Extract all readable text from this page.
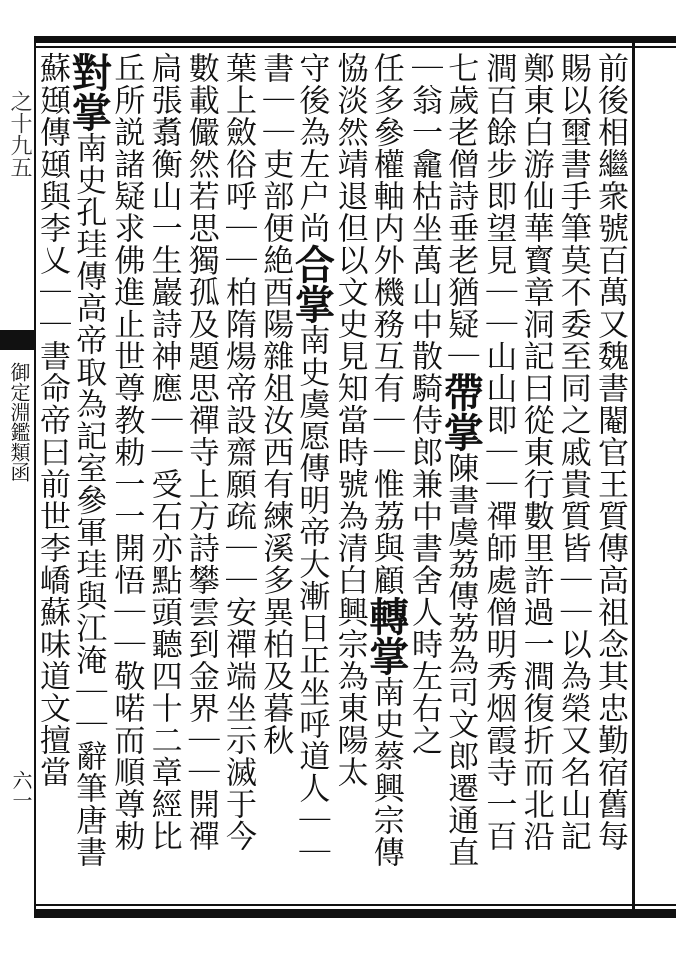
之十九五
御定淵鑑類函
六一	前後相繼衆號百萬又魏書閹官王質傳高祖念其忠勤宿舊每
賜以壐書手筆莫不委至同之戚貴質皆｜｜以為榮又名山記
鄭東白游仙華寳章洞記曰從東行數里許過一澗復折而北沿
澗百餘步即望見｜｜山山即｜｜禪師處僧明秀烟霞寺一百
七歲老僧詩垂老猶疑｜帶掌陳書虞荔傳荔為司文郎遷通直
｜翁一龕枯坐萬山中散騎侍郎兼中書舍人時左右之
任多參權軸内外機務互有｜｜惟荔與顧轉掌南史蔡興宗傳
恊淡然靖退但以文史見知當時號為清白興宗為東陽太
守後為左户尚合掌南史虞愿傳明帝大漸日正坐呼道人｜｜
書｜｜吏部便絶酉陽雜俎汝西有練溪多異柏及暮秋
葉上斂俗呼｜｜柏隋煬帝設齋願疏｜｜安禪端坐示滅于今
數載儼然若思獨孤及題思禪寺上方詩攀雲到金界｜｜開禪
扃張翥衡山一生巖詩神應｜｜受石亦點頭聽四十二章經比
丘所説諸疑求佛進止世尊教勅一一開悟｜｜敬喏而順尊勅
對掌南史孔珪傳高帝取為記室參軍珪與江淹｜｜辭筆唐書
蘇頲傳頲與李乂｜｜書命帝曰前世李嶠蘇味道文擅當
